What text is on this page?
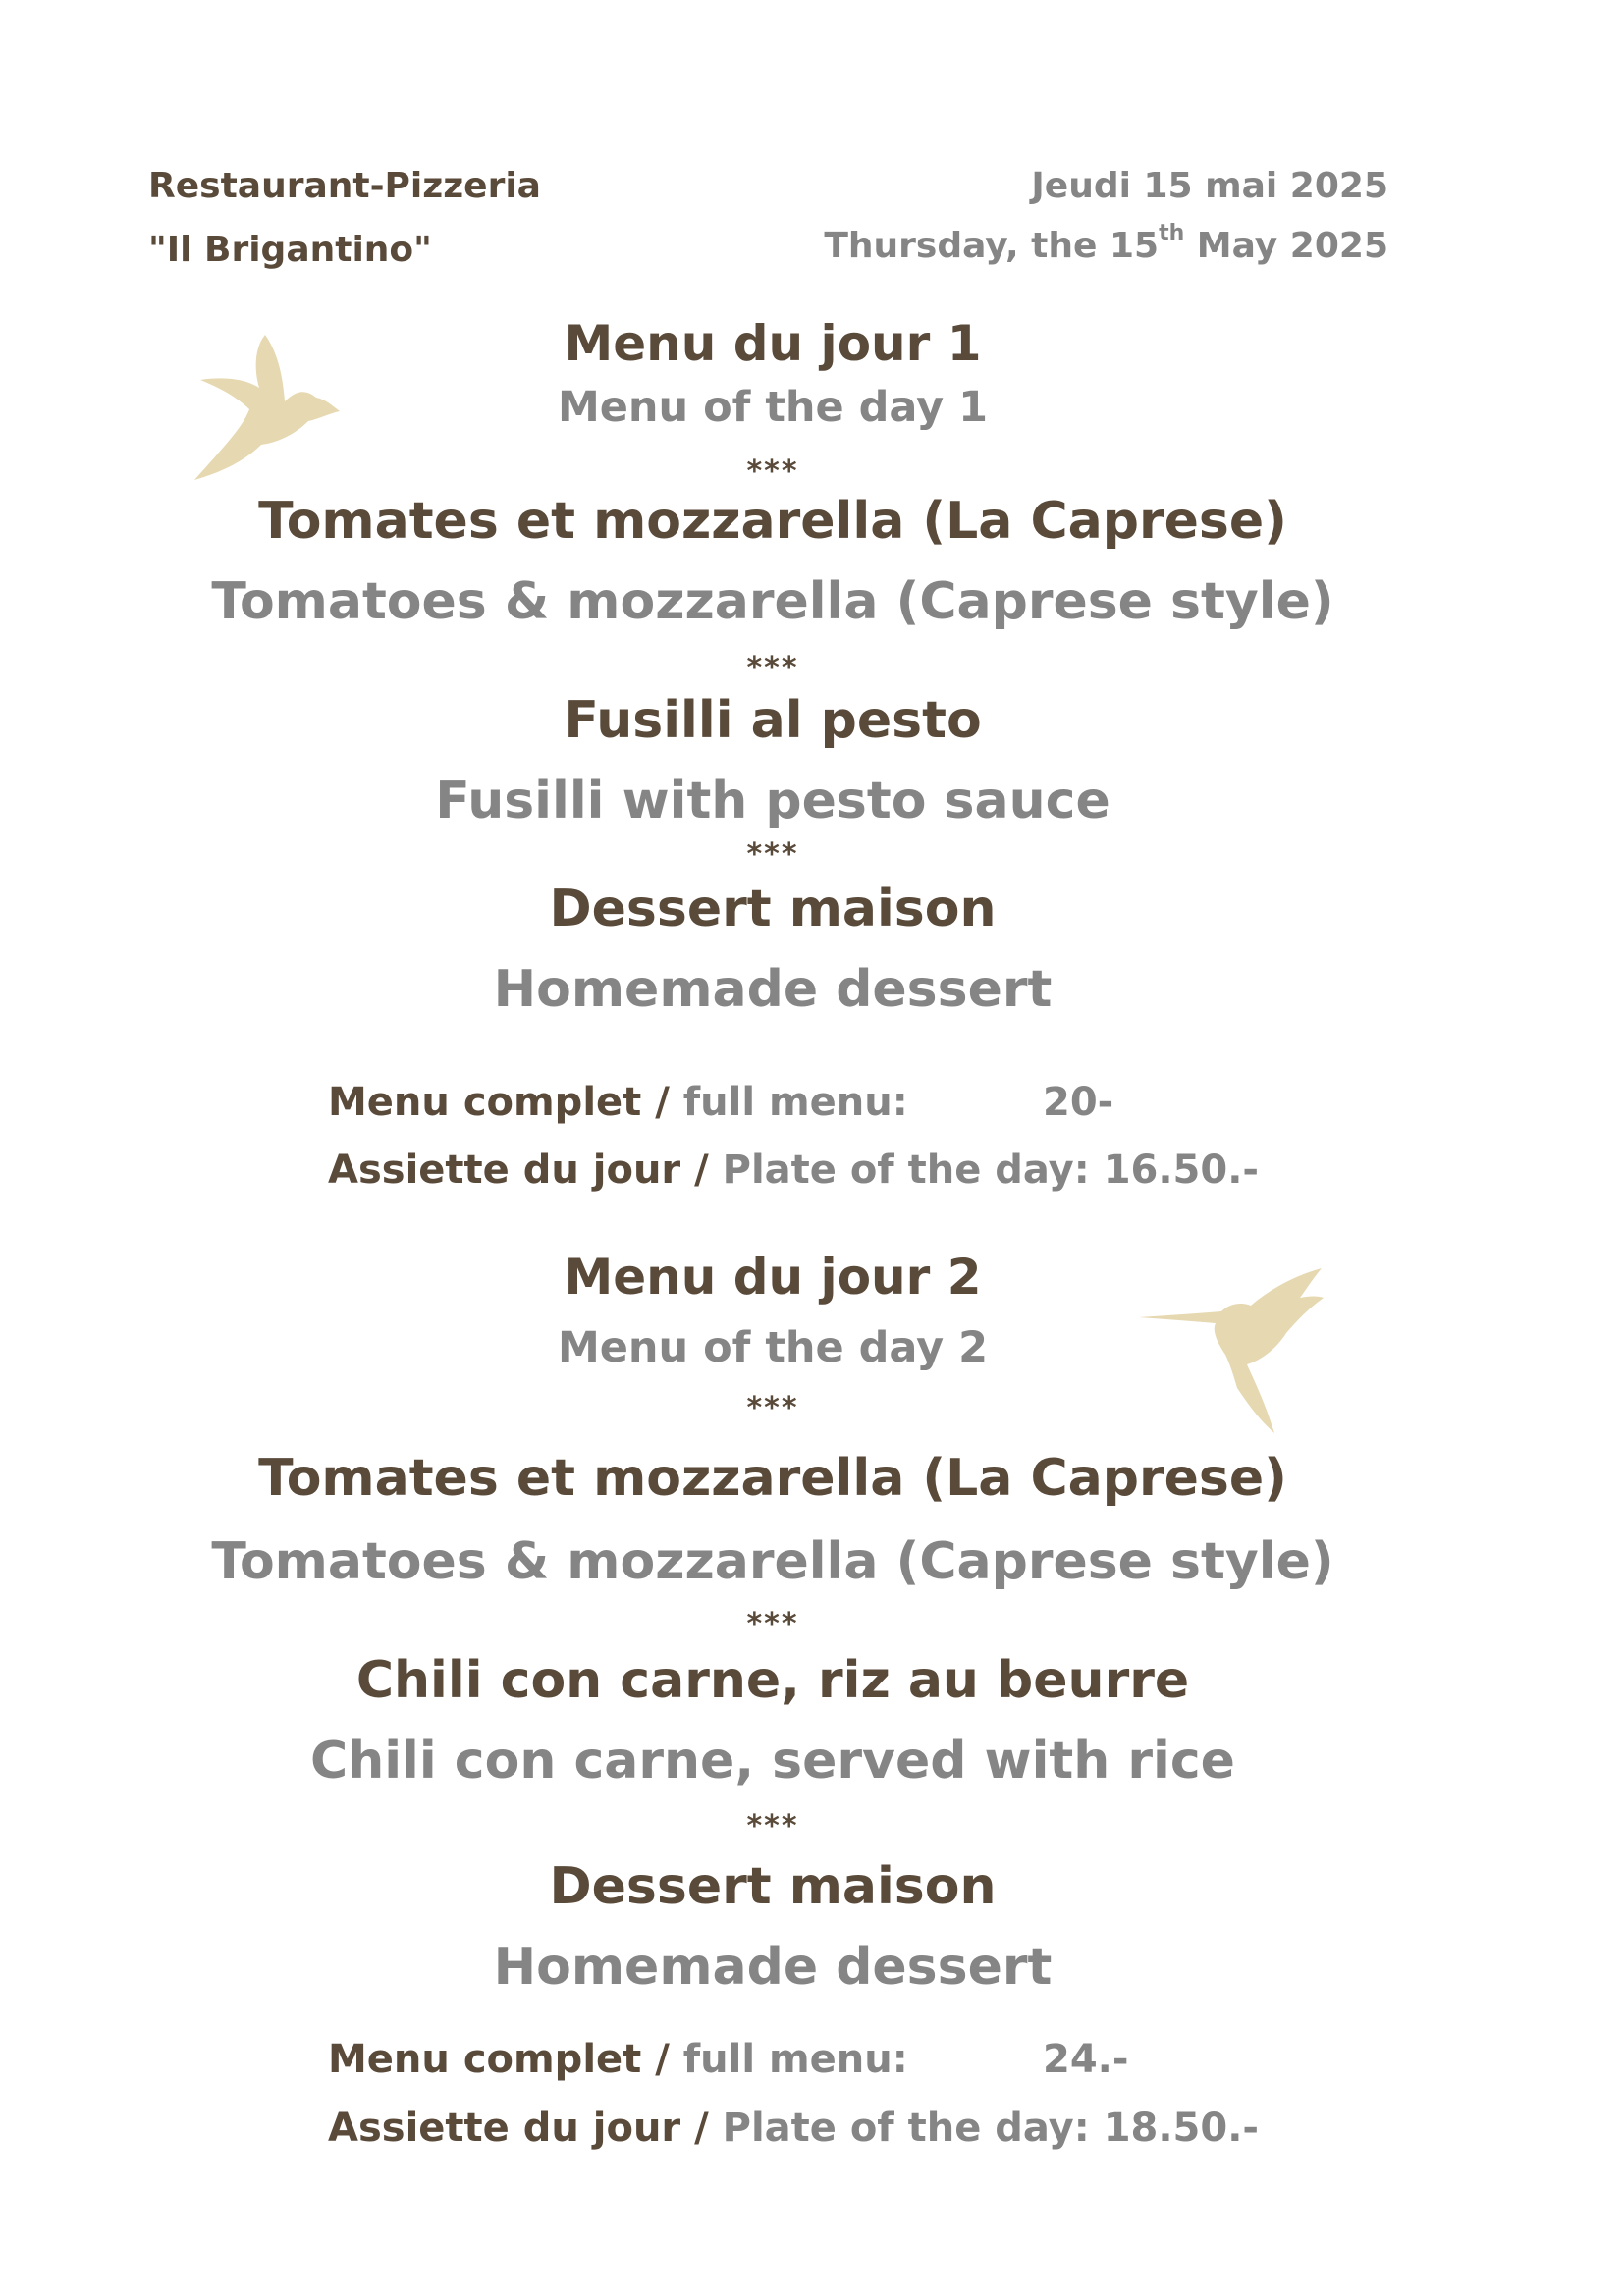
Restaurant-Pizzeria
"Il Brigantino"
Jeudi 15 mai 2025
Thursday, the 15th May 2025
Menu du jour 1
Menu of the day 1
***
Tomates et mozzarella (La Caprese)
Tomatoes & mozzarella (Caprese style)
***
Fusilli al pesto
***
Fusilli with pesto sauce
Dessert maison
Homemade dessert
Menu complet / full menu:	20-
Assiette du jour / Plate of the day: 16.50.-
Menu du jour 2
Menu of the day 2
***
Tomates et mozzarella (La Caprese)
Tomatoes & mozzarella (Caprese style)
***
Chili con carne, riz au beurre
Chili con carne, served with rice
***
Dessert maison
Homemade dessert
Menu complet / full menu:	24.-
Assiette du jour / Plate of the day: 18.50.-
